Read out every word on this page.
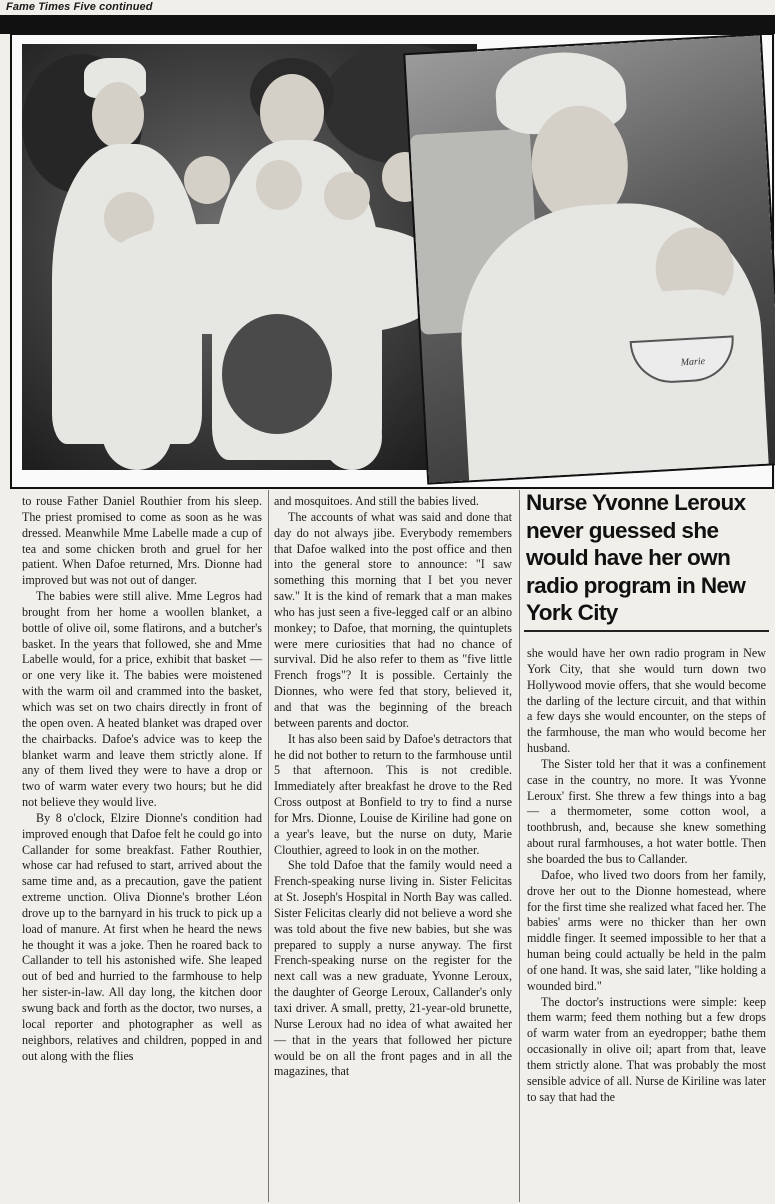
Fame Times Five continued
$_{Marie}$

to rouse Father Daniel Routhier from his sleep. The priest promised to come as soon as he was dressed. Meanwhile Mme Labelle made a cup of tea and some chicken broth and gruel for her patient. When Dafoe returned, Mrs. Dionne had improved but was not out of danger.

The babies were still alive. Mme Legros had brought from her home a woollen blanket, a bottle of olive oil, some flatirons, and a butcher's basket. In the years that followed, she and Mme Labelle would, for a price, exhibit that basket — or one very like it. The babies were moistened with the warm oil and crammed into the basket, which was set on two chairs directly in front of the open oven. A heated blanket was draped over the chairbacks. Dafoe's advice was to keep the blanket warm and leave them strictly alone. If any of them lived they were to have a drop or two of warm water every two hours; but he did not believe they would live.

By 8 o'clock, Elzire Dionne's condition had improved enough that Dafoe felt he could go into Callander for some breakfast. Father Routhier, whose car had refused to start, arrived about the same time and, as a precaution, gave the patient extreme unction. Oliva Dionne's brother Léon drove up to the barnyard in his truck to pick up a load of manure. At first when he heard the news he thought it was a joke. Then he roared back to Callander to tell his astonished wife. She leaped out of bed and hurried to the farmhouse to help her sister-in-law. All day long, the kitchen door swung back and forth as the doctor, two nurses, a local reporter and photographer as well as neighbors, relatives and children, popped in and out along with the flies

and mosquitoes. And still the babies lived.

The accounts of what was said and done that day do not always jibe. Everybody remembers that Dafoe walked into the post office and then into the general store to announce: "I saw something this morning that I bet you never saw." It is the kind of remark that a man makes who has just seen a five-legged calf or an albino monkey; to Dafoe, that morning, the quintuplets were mere curiosities that had no chance of survival. Did he also refer to them as "five little French frogs"? It is possible. Certainly the Dionnes, who were fed that story, believed it, and that was the beginning of the breach between parents and doctor.

It has also been said by Dafoe's detractors that he did not bother to return to the farmhouse until 5 that afternoon. This is not credible. Immediately after breakfast he drove to the Red Cross outpost at Bonfield to try to find a nurse for Mrs. Dionne, Louise de Kiriline had gone on a year's leave, but the nurse on duty, Marie Clouthier, agreed to look in on the mother.

She told Dafoe that the family would need a French-speaking nurse living in. Sister Felicitas at St. Joseph's Hospital in North Bay was called. Sister Felicitas clearly did not believe a word she was told about the five new babies, but she was prepared to supply a nurse anyway. The first French-speaking nurse on the register for the next call was a new graduate, Yvonne Leroux, the daughter of George Leroux, Callander's only taxi driver. A small, pretty, 21-year-old brunette, Nurse Leroux had no idea of what awaited her — that in the years that followed her picture would be on all the front pages and in all the magazines, that

Nurse Yvonne Leroux never guessed she would have her own radio program in New York City

she would have her own radio program in New York City, that she would turn down two Hollywood movie offers, that she would become the darling of the lecture circuit, and that within a few days she would encounter, on the steps of the farmhouse, the man who would become her husband.

The Sister told her that it was a confinement case in the country, no more. It was Yvonne Leroux' first. She threw a few things into a bag — a thermometer, some cotton wool, a toothbrush, and, because she knew something about rural farmhouses, a hot water bottle. Then she boarded the bus to Callander.

Dafoe, who lived two doors from her family, drove her out to the Dionne homestead, where for the first time she realized what faced her. The babies' arms were no thicker than her own middle finger. It seemed impossible to her that a human being could actually be held in the palm of one hand. It was, she said later, "like holding a wounded bird."

The doctor's instructions were simple: keep them warm; feed them nothing but a few drops of warm water from an eyedropper; bathe them occasionally in olive oil; apart from that, leave them strictly alone. That was probably the most sensible advice of all. Nurse de Kiriline was later to say that had the
